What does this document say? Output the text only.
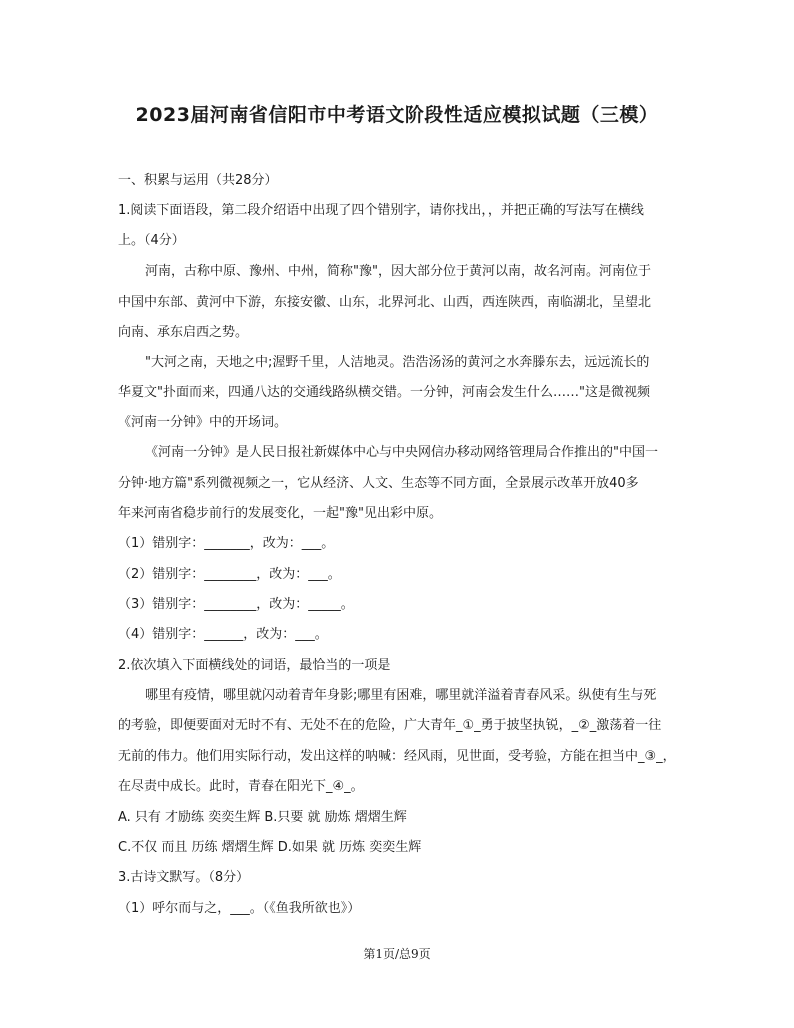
2023届河南省信阳市中考语文阶段性适应模拟试题（三模）
一、积累与运用（共28分）
1.阅读下面语段，第二段介绍语中出现了四个错别字，请你找出，，并把正确的写法写在横线
上。（4分）
河南，古称中原、豫州、中州，简称"豫"，因大部分位于黄河以南，故名河南。河南位于
中国中东部、黄河中下游，东接安徽、山东，北界河北、山西，西连陕西，南临湖北，呈望北
向南、承东启西之势。
"大河之南，天地之中;渥野千里，人洁地灵。浩浩汤汤的黄河之水奔滕东去，远远流长的
华夏文"扑面而来，四通八达的交通线路纵横交错。一分钟，河南会发生什么……"这是微视频
《河南一分钟》中的开场词。
《河南一分钟》是人民日报社新媒体中心与中央网信办移动网络管理局合作推出的"中国一
分钟·地方篇"系列微视频之一，它从经济、人文、生态等不同方面，全景展示改革开放40多
年来河南省稳步前行的发展变化，一起"豫"见出彩中原。
（1）错别字：_______，改为：___。
（2）错别字：________，改为：___。
（3）错别字：________，改为：_____。
（4）错别字：______，改为：___。
2.依次填入下面横线处的词语，最恰当的一项是
哪里有疫情，哪里就闪动着青年身影;哪里有困难，哪里就洋溢着青春风采。纵使有生与死
的考验，即便要面对无时不有、无处不在的危险，广大青年_①_勇于披坚执锐，_②_激荡着一往
无前的伟力。他们用实际行动，发出这样的呐喊：经风雨，见世面，受考验，方能在担当中_③_，
在尽责中成长。此时，青春在阳光下_④_。
A. 只有 才励练 奕奕生辉 B.只要 就 励炼 熠熠生辉
C.不仅 而且 历练 熠熠生辉 D.如果 就 历炼 奕奕生辉
3.古诗文默写。（8分）
（1）呼尔而与之，___。（《鱼我所欲也》）
第1页/总9页
